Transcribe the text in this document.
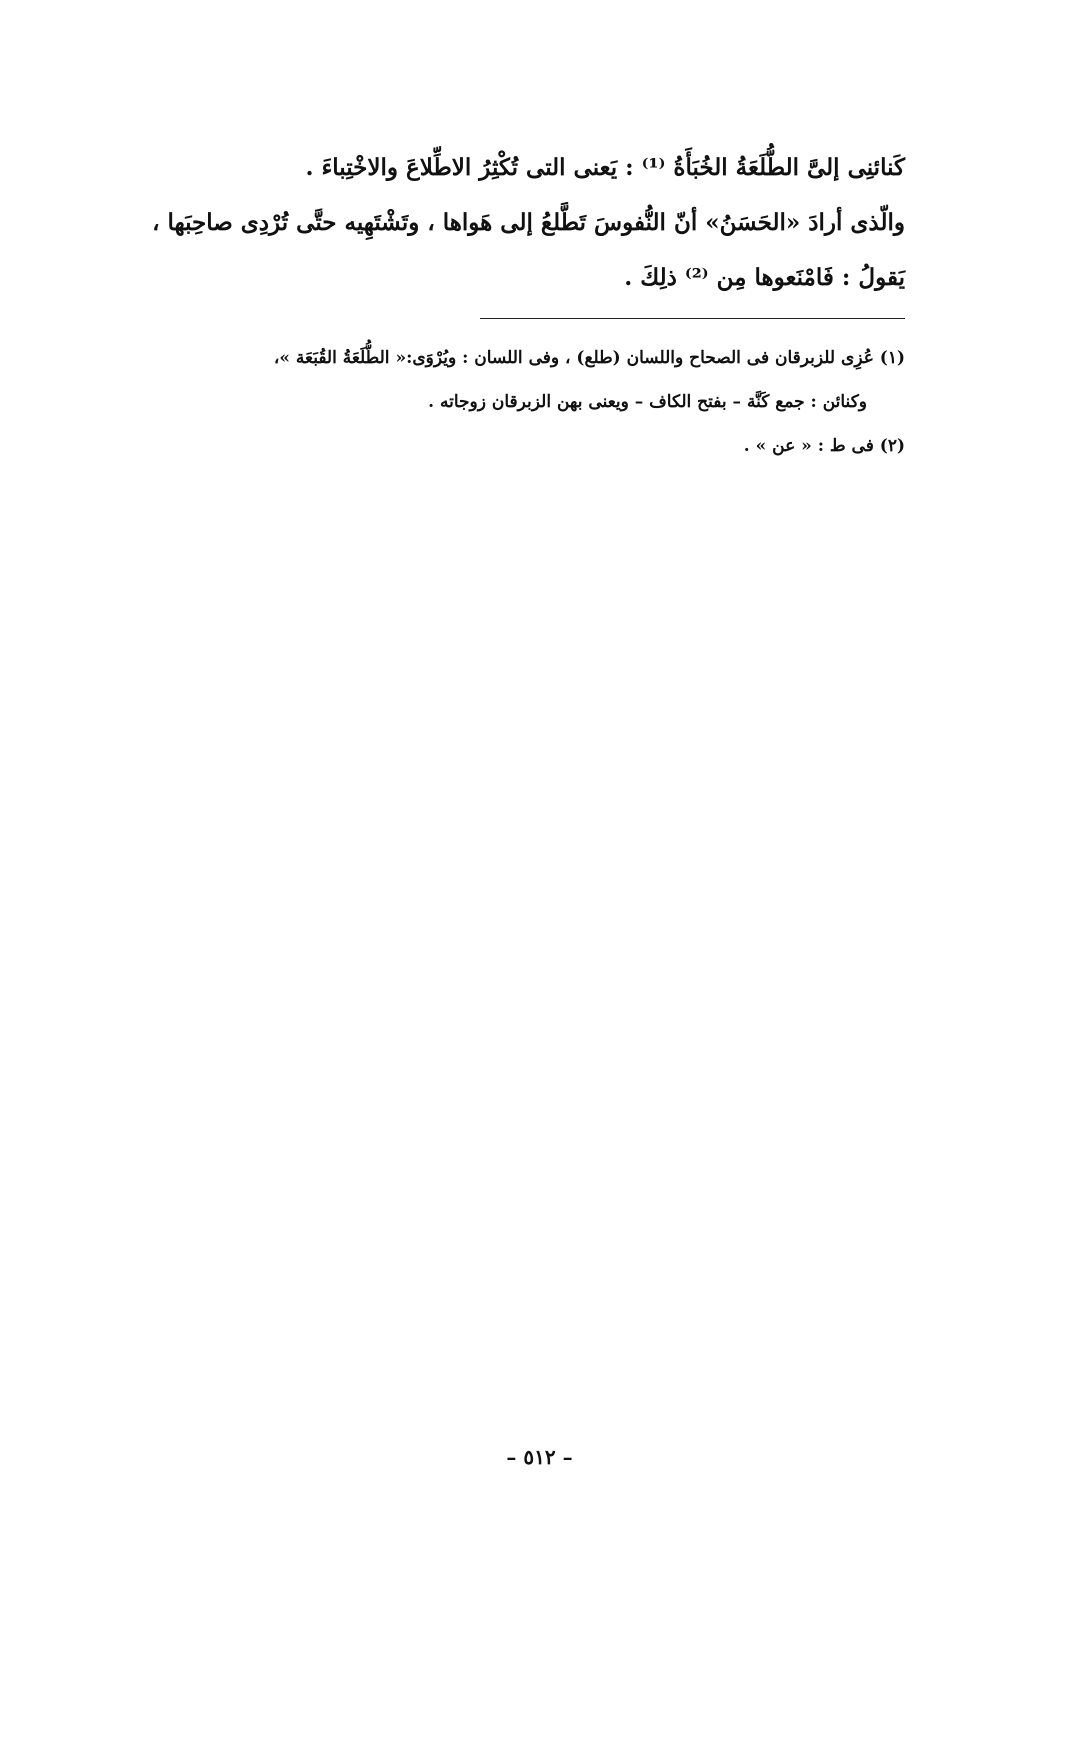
كَنائنِى إلىَّ الطُّلَعَةُ الخُبَأَةُ ⁽¹⁾ : يَعنى التى تُكْثِرُ الاطِّلاعَ والاخْتِباءَ .
والّذى أرادَ «الحَسَنُ» أنّ النُّفوسَ تَطَّلعُ إلى هَواها ، وتَشْتَهِيه حتَّى تُرْدِى صاحِبَها ،
يَقولُ : فَامْنَعوها مِن ⁽²⁾ ذلِكَ .
(١) عُزِى للزبرقان فى الصحاح واللسان (طلع) ، وفى اللسان : ويُرْوَى:« الطُّلَعَةُ القُبَعَة »،
وكنائن : جمع كَنَّة – بفتح الكاف – ويعنى بهن الزبرقان زوجاته .
(٢) فى ط : « عن » .
– ٥١٢ –
